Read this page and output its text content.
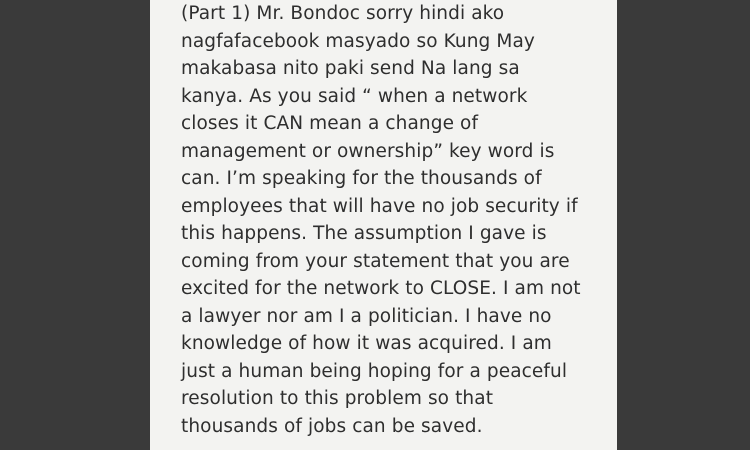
(Part 1) Mr. Bondoc sorry hindi ako
nagfafacebook masyado so Kung May
makabasa nito paki send Na lang sa
kanya. As you said “ when a network
closes it CAN mean a change of
management or ownership” key word is
can. I’m speaking for the thousands of
employees that will have no job security if
this happens. The assumption I gave is
coming from your statement that you are
excited for the network to CLOSE. I am not
a lawyer nor am I a politician. I have no
knowledge of how it was acquired. I am
just a human being hoping for a peaceful
resolution to this problem so that
thousands of jobs can be saved.
